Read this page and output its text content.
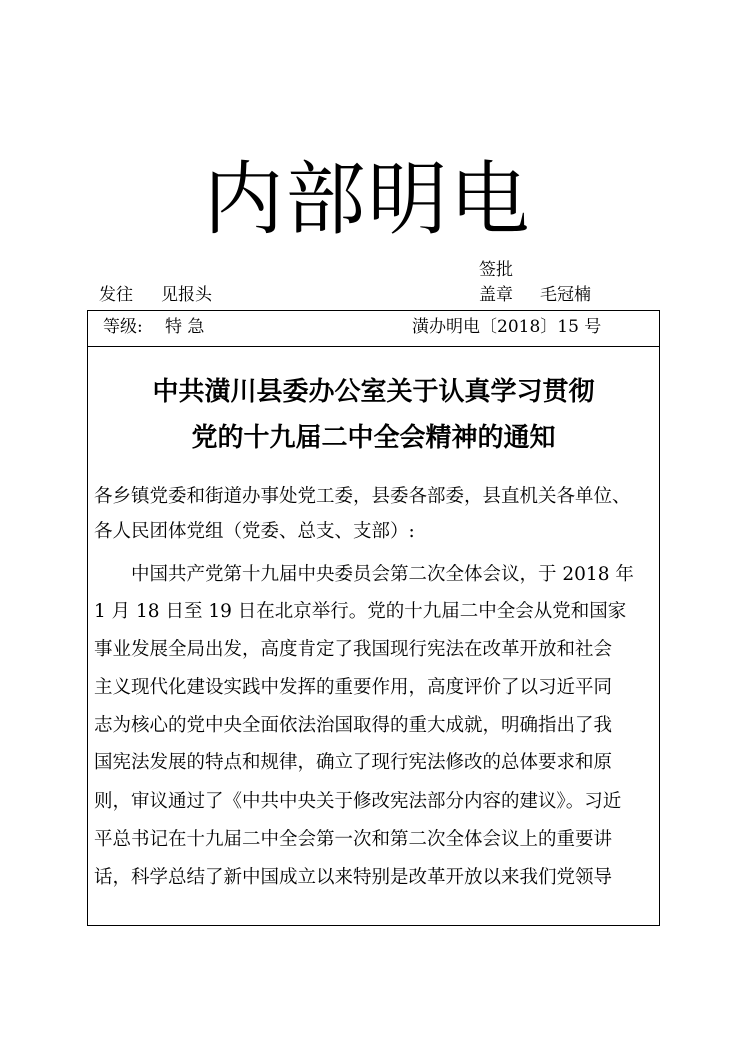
内部明电
签批
发往 见报头	盖章 毛冠楠
等级: 特 急	潢办明电〔2018〕15 号
中共潢川县委办公室关于认真学习贯彻
党的十九届二中全会精神的通知
各乡镇党委和街道办事处党工委，县委各部委，县直机关各单位、
各人民团体党组（党委、总支、支部）:
中国共产党第十九届中央委员会第二次全体会议，于 2018 年
1 月 18 日至 19 日在北京举行。党的十九届二中全会从党和国家
事业发展全局出发，高度肯定了我国现行宪法在改革开放和社会
主义现代化建设实践中发挥的重要作用，高度评价了以习近平同
志为核心的党中央全面依法治国取得的重大成就，明确指出了我
国宪法发展的特点和规律，确立了现行宪法修改的总体要求和原
则，审议通过了《中共中央关于修改宪法部分内容的建议》。习近
平总书记在十九届二中全会第一次和第二次全体会议上的重要讲
话，科学总结了新中国成立以来特别是改革开放以来我们党领导
